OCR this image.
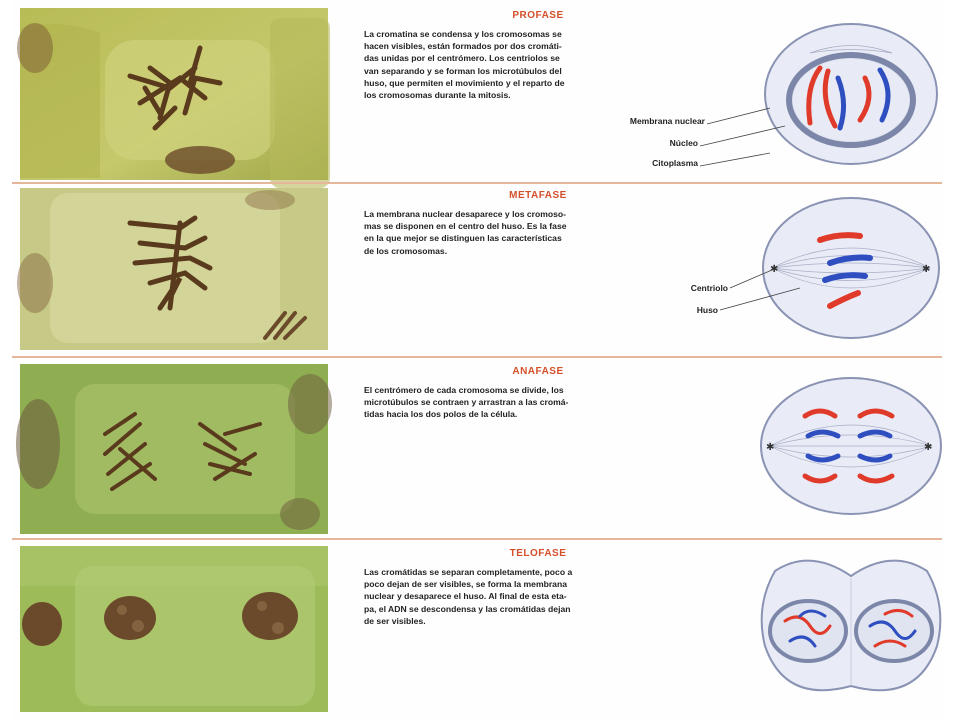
PROFASE
La cromatina se condensa y los cromosomas se
hacen visibles, están formados por dos cromáti-
das unidas por el centrómero. Los centriolos se
van separando y se forman los microtúbulos del
huso, que permiten el movimiento y el reparto de
los cromosomas durante la mitosis.
Membrana nuclear
Núcleo
Citoplasma
METAFASE
La membrana nuclear desaparece y los cromoso-
mas se disponen en el centro del huso. Es la fase
en la que mejor se distinguen las características
de los cromosomas.
✱	✱
Centriolo
Huso
ANAFASE
El centrómero de cada cromosoma se divide, los
microtúbulos se contraen y arrastran a las cromá-
tidas hacia los dos polos de la célula.
✱	✱
TELOFASE
Las cromátidas se separan completamente, poco a
poco dejan de ser visibles, se forma la membrana
nuclear y desaparece el huso. Al final de esta eta-
pa, el ADN se descondensa y las cromátidas dejan
de ser visibles.
